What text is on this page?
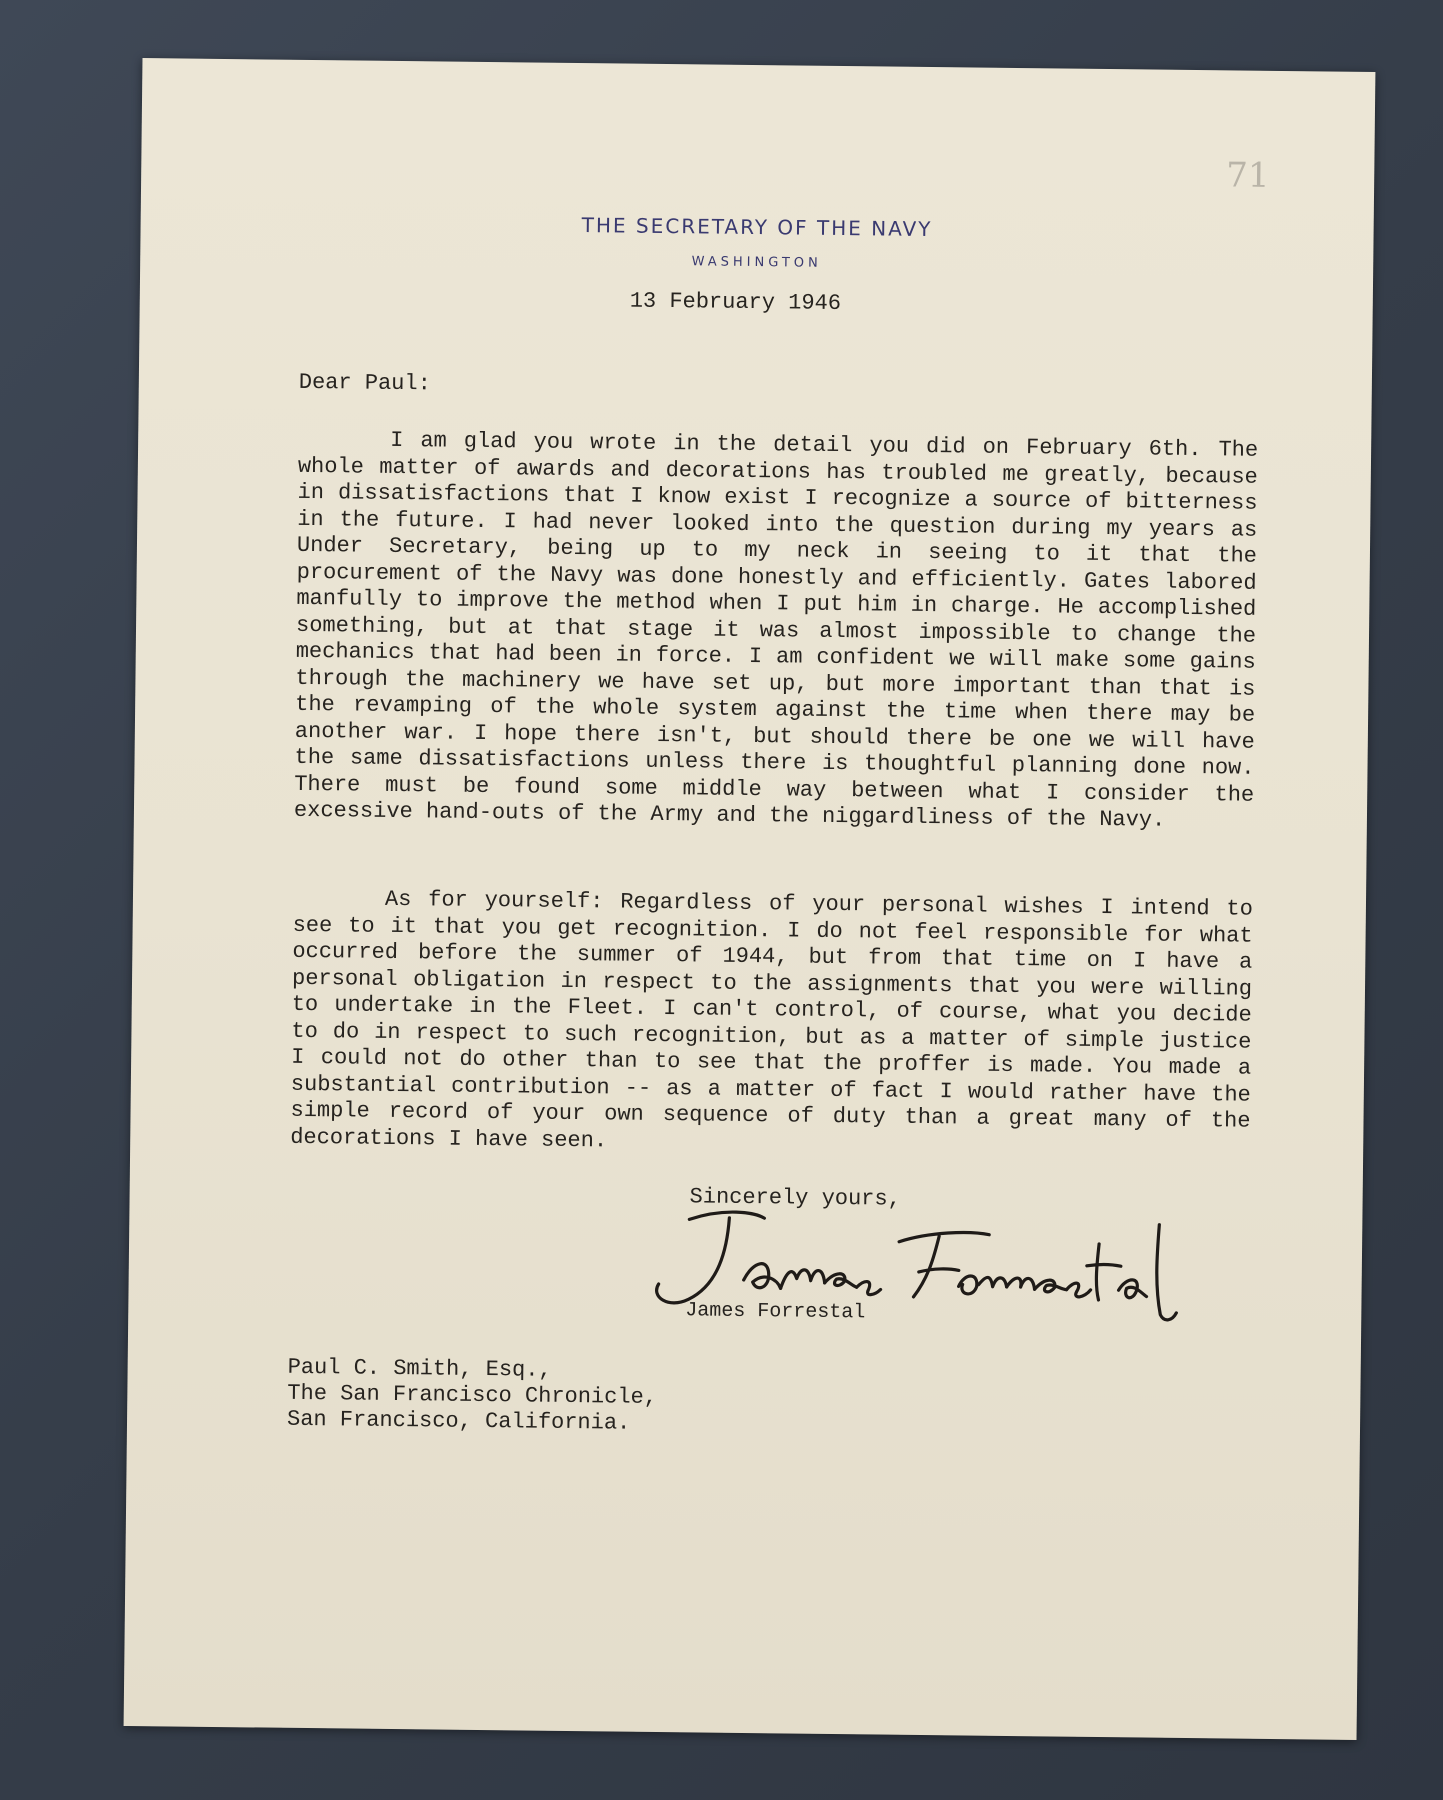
THE SECRETARY OF THE NAVY
WASHINGTON
71
13 February 1946
Dear Paul:

I am glad you wrote in the detail you did on February 6th. The whole matter of awards and decorations has troubled me greatly, because in dissatisfactions that I know exist I recognize a source of bitterness in the future. I had never looked into the question during my years as Under Secretary, being up to my neck in seeing to it that the procurement of the Navy was done honestly and efficiently. Gates labored manfully to improve the method when I put him in charge. He accomplished something, but at that stage it was almost impossible to change the mechanics that had been in force. I am confident we will make some gains through the machinery we have set up, but more important than that is the revamping of the whole system against the time when there may be another war. I hope there isn't, but should there be one we will have the same dissatisfactions unless there is thoughtful planning done now. There must be found some middle way between what I consider the excessive hand-outs of the Army and the niggardliness of the Navy.

As for yourself: Regardless of your personal wishes I intend to see to it that you get recognition. I do not feel responsible for what occurred before the summer of 1944, but from that time on I have a personal obligation in respect to the assignments that you were willing to undertake in the Fleet. I can't control, of course, what you decide to do in respect to such recognition, but as a matter of simple justice I could not do other than to see that the proffer is made. You made a substantial contribution -- as a matter of fact I would rather have the simple record of your own sequence of duty than a great many of the decorations I have seen.

Sincerely yours,
James Forrestal
Paul C. Smith, Esq.,
The San Francisco Chronicle,
San Francisco, California.
